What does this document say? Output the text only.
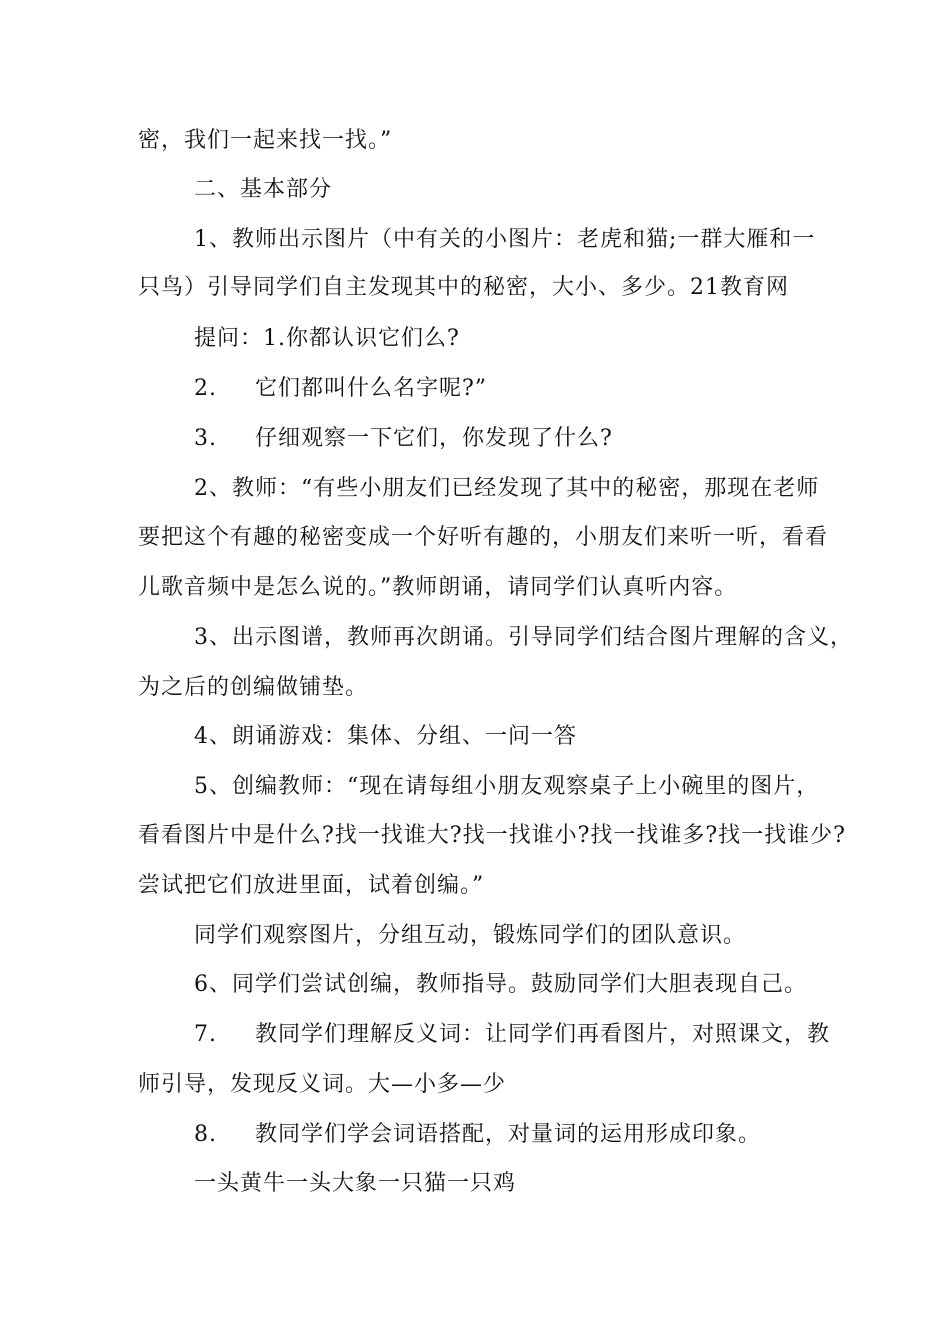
密，我们一起来找一找。”
二、基本部分
1、教师出示图片（中有关的小图片：老虎和猫;一群大雁和一
只鸟）引导同学们自主发现其中的秘密，大小、多少。21教育网
提问：1.你都认识它们么?
2. 它们都叫什么名字呢?”
3. 仔细观察一下它们，你发现了什么?
2、教师：“有些小朋友们已经发现了其中的秘密，那现在老师
要把这个有趣的秘密变成一个好听有趣的，小朋友们来听一听，看看
儿歌音频中是怎么说的。”教师朗诵，请同学们认真听内容。
3、出示图谱，教师再次朗诵。引导同学们结合图片理解的含义，
为之后的创编做铺垫。
4、朗诵游戏：集体、分组、一问一答
5、创编教师：“现在请每组小朋友观察桌子上小碗里的图片，
看看图片中是什么?找一找谁大?找一找谁小?找一找谁多?找一找谁少?
尝试把它们放进里面，试着创编。”
同学们观察图片，分组互动，锻炼同学们的团队意识。
6、同学们尝试创编，教师指导。鼓励同学们大胆表现自己。
7. 教同学们理解反义词：让同学们再看图片，对照课文，教
师引导，发现反义词。大—小多—少
8. 教同学们学会词语搭配，对量词的运用形成印象。
一头黄牛一头大象一只猫一只鸡
